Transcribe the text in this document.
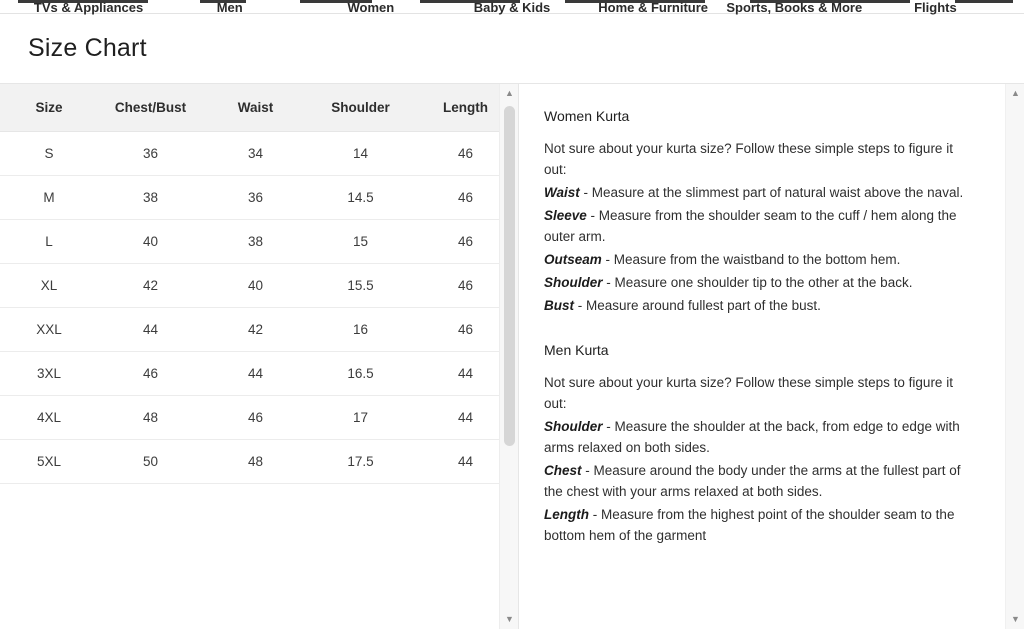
TVs & Appliances	Men	Women	Baby & Kids	Home & Furniture	Sports, Books & More	Flights
Size Chart
Size	Chest/Bust	Waist	Shoulder	Length
S	36	34	14	46
M	38	36	14.5	46
L	40	38	15	46
XL	42	40	15.5	46
XXL	44	42	16	46
3XL	46	44	16.5	44
4XL	48	46	17	44
5XL	50	48	17.5	44
▲
▼
Women Kurta

Not sure about your kurta size? Follow these simple steps to figure it out:

Waist - Measure at the slimmest part of natural waist above the naval.

Sleeve - Measure from the shoulder seam to the cuff / hem along the outer arm.

Outseam - Measure from the waistband to the bottom hem.

Shoulder - Measure one shoulder tip to the other at the back.

Bust - Measure around fullest part of the bust.

Men Kurta

Not sure about your kurta size? Follow these simple steps to figure it out:

Shoulder - Measure the shoulder at the back, from edge to edge with arms relaxed on both sides.

Chest - Measure around the body under the arms at the fullest part of the chest with your arms relaxed at both sides.

Length - Measure from the highest point of the shoulder seam to the bottom hem of the garment

▲
▼
